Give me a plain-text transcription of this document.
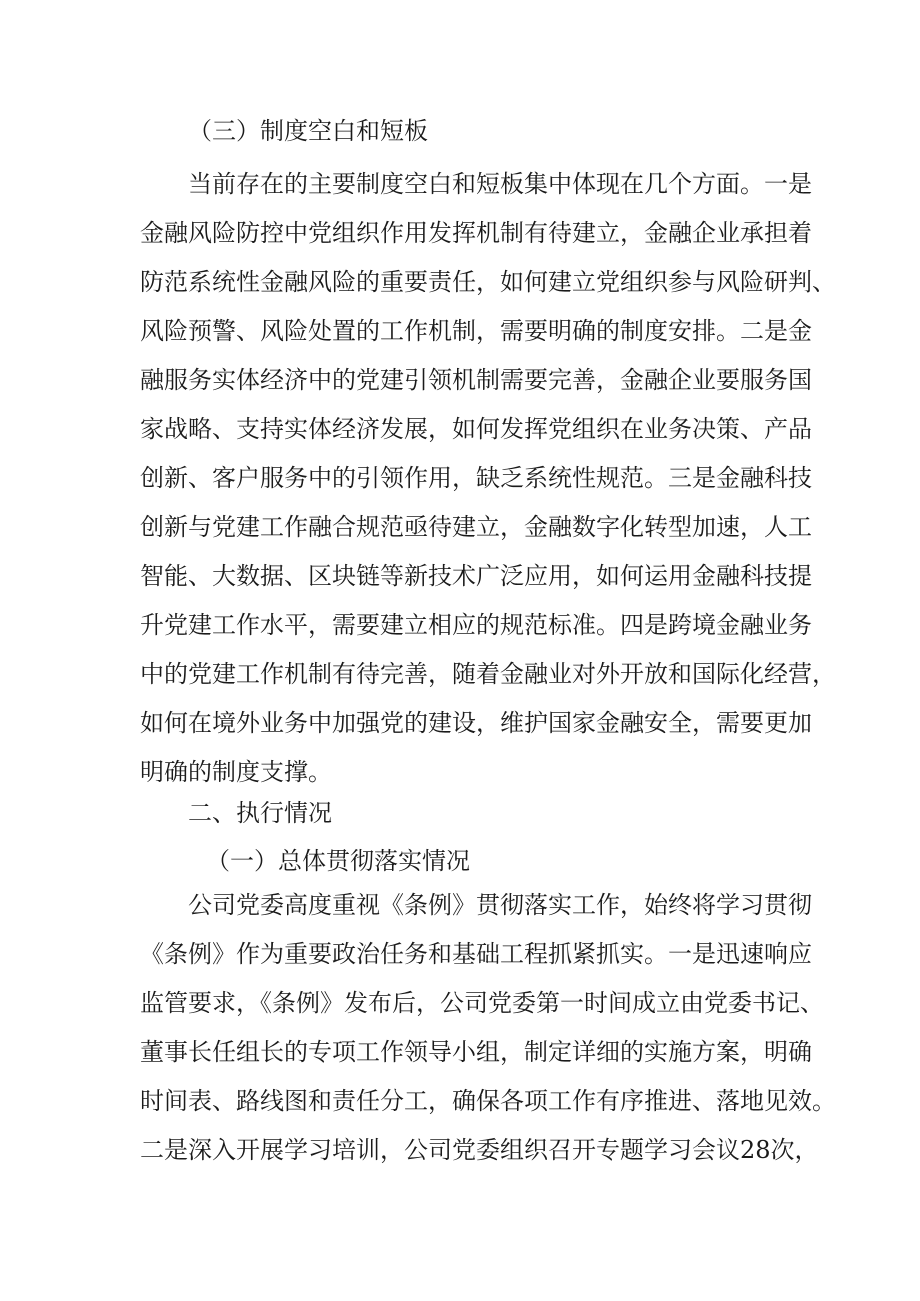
（三）制度空白和短板
当前存在的主要制度空白和短板集中体现在几个方面。一是
金融风险防控中党组织作用发挥机制有待建立，金融企业承担着
防范系统性金融风险的重要责任，如何建立党组织参与风险研判、
风险预警、风险处置的工作机制，需要明确的制度安排。二是金
融服务实体经济中的党建引领机制需要完善，金融企业要服务国
家战略、支持实体经济发展，如何发挥党组织在业务决策、产品
创新、客户服务中的引领作用，缺乏系统性规范。三是金融科技
创新与党建工作融合规范亟待建立，金融数字化转型加速，人工
智能、大数据、区块链等新技术广泛应用，如何运用金融科技提
升党建工作水平，需要建立相应的规范标准。四是跨境金融业务
中的党建工作机制有待完善，随着金融业对外开放和国际化经营，
如何在境外业务中加强党的建设，维护国家金融安全，需要更加
明确的制度支撑。
二、执行情况
（一）总体贯彻落实情况
公司党委高度重视《条例》贯彻落实工作，始终将学习贯彻
《条例》作为重要政治任务和基础工程抓紧抓实。一是迅速响应
监管要求，《条例》发布后，公司党委第一时间成立由党委书记、
董事长任组长的专项工作领导小组，制定详细的实施方案，明确
时间表、路线图和责任分工，确保各项工作有序推进、落地见效。
二是深入开展学习培训，公司党委组织召开专题学习会议28次，
